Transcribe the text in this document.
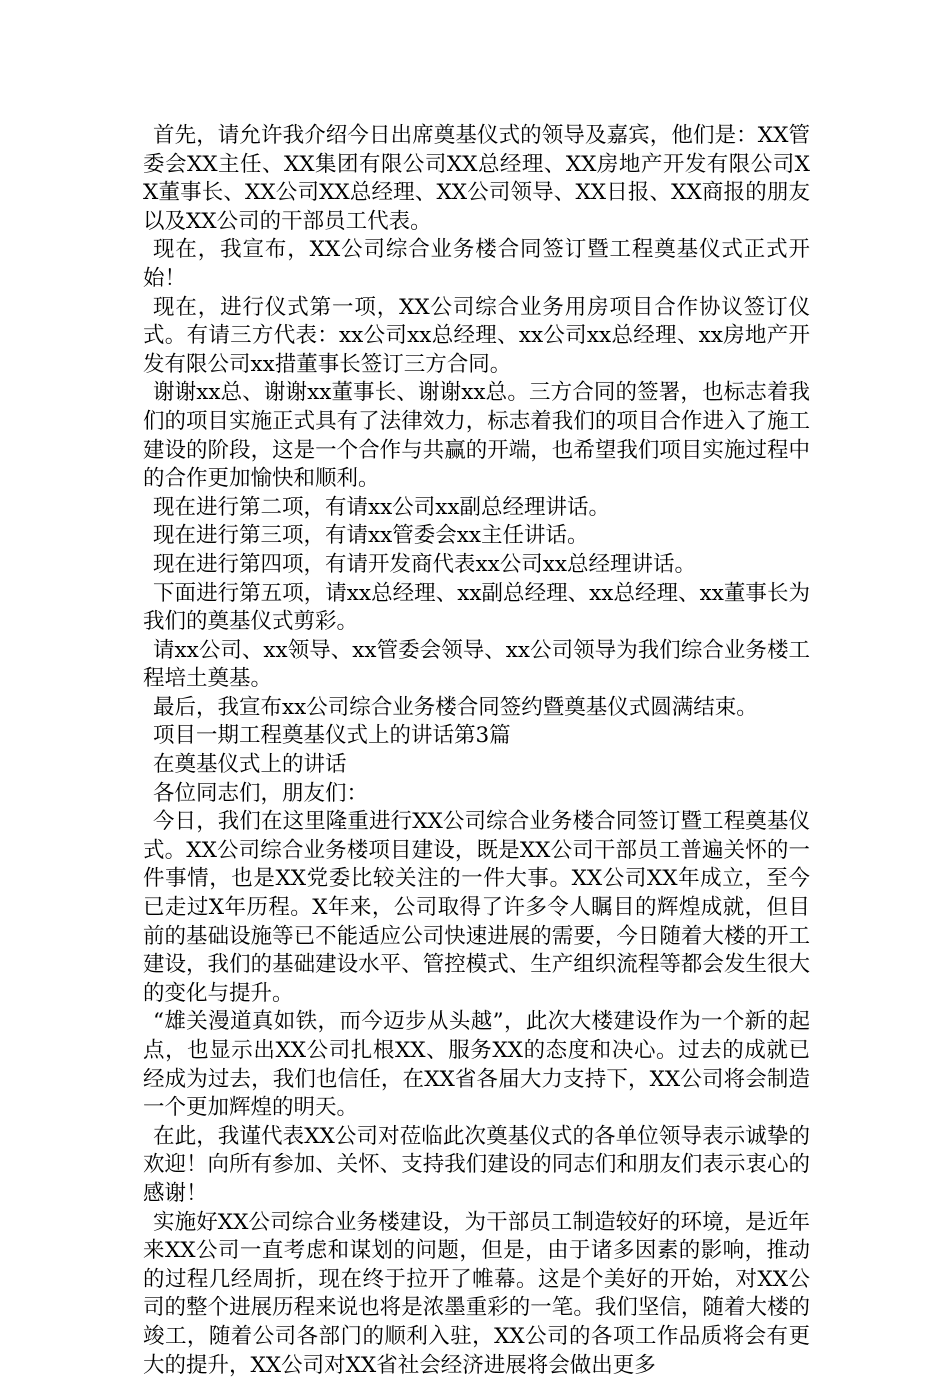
首先，请允许我介绍今日出席奠基仪式的领导及嘉宾，他们是：XX管委会XX主任、XX集团有限公司XX总经理、XX房地产开发有限公司XX董事长、XX公司XX总经理、XX公司领导、XX日报、XX商报的朋友以及XX公司的干部员工代表。

现在，我宣布，XX公司综合业务楼合同签订暨工程奠基仪式正式开始！

现在，进行仪式第一项，XX公司综合业务用房项目合作协议签订仪式。有请三方代表：xx公司xx总经理、xx公司xx总经理、xx房地产开发有限公司xx措董事长签订三方合同。

谢谢xx总、谢谢xx董事长、谢谢xx总。三方合同的签署，也标志着我们的项目实施正式具有了法律效力，标志着我们的项目合作进入了施工建设的阶段，这是一个合作与共赢的开端，也希望我们项目实施过程中的合作更加愉快和顺利。

现在进行第二项，有请xx公司xx副总经理讲话。

现在进行第三项，有请xx管委会xx主任讲话。

现在进行第四项，有请开发商代表xx公司xx总经理讲话。

下面进行第五项，请xx总经理、xx副总经理、xx总经理、xx董事长为我们的奠基仪式剪彩。

请xx公司、xx领导、xx管委会领导、xx公司领导为我们综合业务楼工程培土奠基。

最后，我宣布xx公司综合业务楼合同签约暨奠基仪式圆满结束。

项目一期工程奠基仪式上的讲话第3篇

在奠基仪式上的讲话

各位同志们，朋友们：

今日，我们在这里隆重进行XX公司综合业务楼合同签订暨工程奠基仪式。XX公司综合业务楼项目建设，既是XX公司干部员工普遍关怀的一件事情，也是XX党委比较关注的一件大事。XX公司XX年成立，至今已走过X年历程。X年来，公司取得了许多令人瞩目的辉煌成就，但目前的基础设施等已不能适应公司快速进展的需要，今日随着大楼的开工建设，我们的基础建设水平、管控模式、生产组织流程等都会发生很大的变化与提升。

“雄关漫道真如铁，而今迈步从头越”，此次大楼建设作为一个新的起点，也显示出XX公司扎根XX、服务XX的态度和决心。过去的成就已经成为过去，我们也信任，在XX省各届大力支持下，XX公司将会制造一个更加辉煌的明天。

在此，我谨代表XX公司对莅临此次奠基仪式的各单位领导表示诚挚的欢迎！向所有参加、关怀、支持我们建设的同志们和朋友们表示衷心的感谢！

实施好XX公司综合业务楼建设，为干部员工制造较好的环境，是近年来XX公司一直考虑和谋划的问题，但是，由于诸多因素的影响，推动的过程几经周折，现在终于拉开了帷幕。这是个美好的开始，对XX公司的整个进展历程来说也将是浓墨重彩的一笔。我们坚信，随着大楼的竣工，随着公司各部门的顺利入驻，XX公司的各项工作品质将会有更大的提升，XX公司对XX省社会经济进展将会做出更多
